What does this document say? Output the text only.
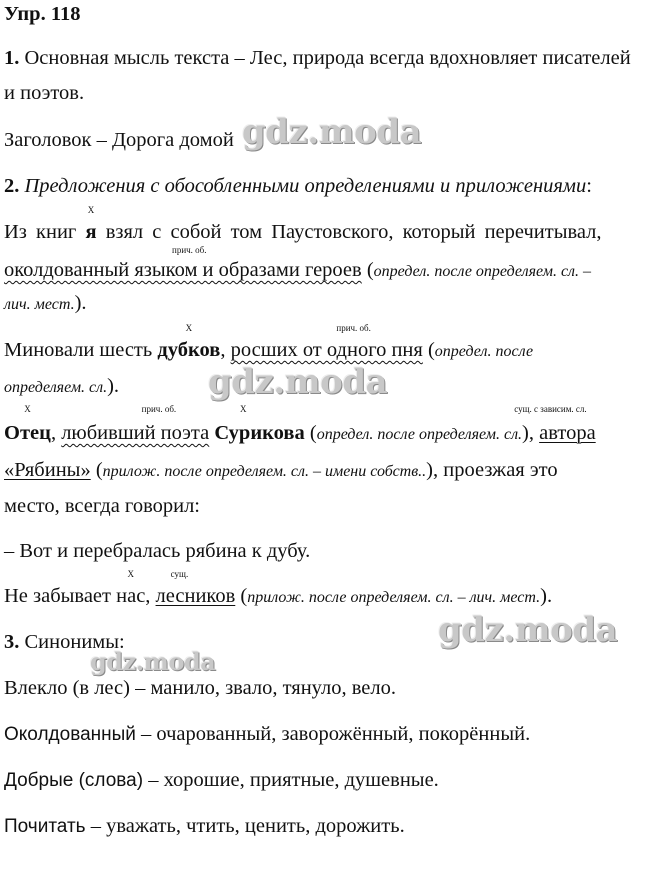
Упр. 118
1. Основная мысль текста – Лес, природа всегда вдохновляет писателей
и поэтов.
Заголовок – Дорога домой
2. Предложения с обособленными определениями и приложениями:
Из книг
Х
я взял с собой том Паустовского, который перечитывал,
прич. об.
околдованный языком и образами героев (определ. после определяем. сл. –
лич. мест.).
Миновали шесть
Х
дубков,
прич. об.
росших от одного пня (определ. после
определяем. сл.).
Х
Отец,
прич. об.
любивший поэта
Х
Сурикова (определ. после определяем. сл.),
сущ. с зависим. сл.
автора
«Рябины» (прилож. после определяем. сл. – имени собств..), проезжая это
место, всегда говорил:
– Вот и перебралась рябина к дубу.
Не забывает
Х
нас,
сущ.
лесников (прилож. после определяем. сл. – лич. мест.).
3. Синонимы:
Влекло (в лес) – манило, звало, тянуло, вело.
Околдованный – очарованный, заворожённый, покорённый.
Добрые (слова) – хорошие, приятные, душевные.
Почитать – уважать, чтить, ценить, дорожить.
gdz.moda
gdz.moda
gdz.moda
gdz.moda
